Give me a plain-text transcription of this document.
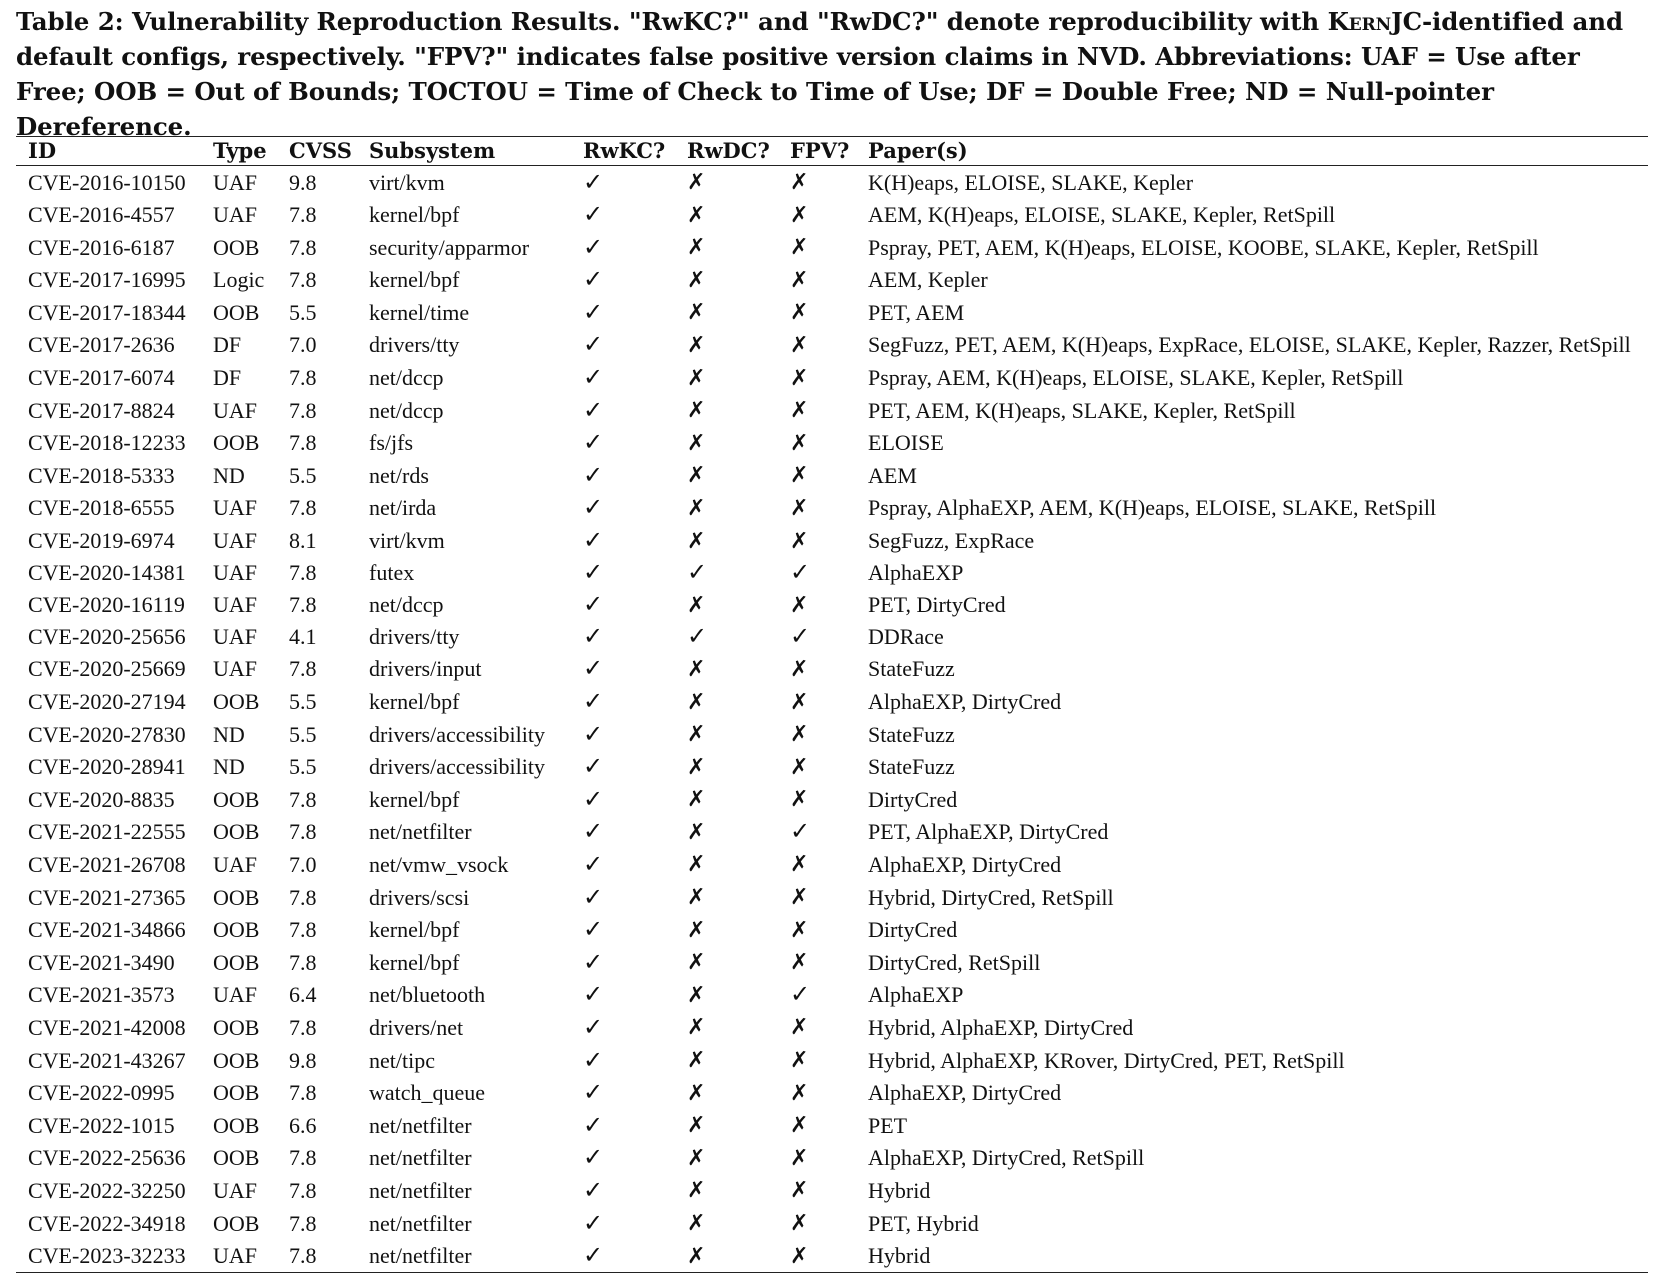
Table 2: Vulnerability Reproduction Results. "RwKC?" and "RwDC?" denote reproducibility with KernJC-identified and default configs, respectively. "FPV?" indicates false positive version claims in NVD. Abbreviations: UAF = Use after Free; OOB = Out of Bounds; TOCTOU = Time of Check to Time of Use; DF = Double Free; ND = Null-pointer Dereference.
ID	Type	CVSS	Subsystem	RwKC?	RwDC?	FPV?	Paper(s)
CVE-2016-10150	UAF	9.8	virt/kvm	✓	✗	✗	K(H)eaps, ELOISE, SLAKE, Kepler
CVE-2016-4557	UAF	7.8	kernel/bpf	✓	✗	✗	AEM, K(H)eaps, ELOISE, SLAKE, Kepler, RetSpill
CVE-2016-6187	OOB	7.8	security/apparmor	✓	✗	✗	Pspray, PET, AEM, K(H)eaps, ELOISE, KOOBE, SLAKE, Kepler, RetSpill
CVE-2017-16995	Logic	7.8	kernel/bpf	✓	✗	✗	AEM, Kepler
CVE-2017-18344	OOB	5.5	kernel/time	✓	✗	✗	PET, AEM
CVE-2017-2636	DF	7.0	drivers/tty	✓	✗	✗	SegFuzz, PET, AEM, K(H)eaps, ExpRace, ELOISE, SLAKE, Kepler, Razzer, RetSpill
CVE-2017-6074	DF	7.8	net/dccp	✓	✗	✗	Pspray, AEM, K(H)eaps, ELOISE, SLAKE, Kepler, RetSpill
CVE-2017-8824	UAF	7.8	net/dccp	✓	✗	✗	PET, AEM, K(H)eaps, SLAKE, Kepler, RetSpill
CVE-2018-12233	OOB	7.8	fs/jfs	✓	✗	✗	ELOISE
CVE-2018-5333	ND	5.5	net/rds	✓	✗	✗	AEM
CVE-2018-6555	UAF	7.8	net/irda	✓	✗	✗	Pspray, AlphaEXP, AEM, K(H)eaps, ELOISE, SLAKE, RetSpill
CVE-2019-6974	UAF	8.1	virt/kvm	✓	✗	✗	SegFuzz, ExpRace
CVE-2020-14381	UAF	7.8	futex	✓	✓	✓	AlphaEXP
CVE-2020-16119	UAF	7.8	net/dccp	✓	✗	✗	PET, DirtyCred
CVE-2020-25656	UAF	4.1	drivers/tty	✓	✓	✓	DDRace
CVE-2020-25669	UAF	7.8	drivers/input	✓	✗	✗	StateFuzz
CVE-2020-27194	OOB	5.5	kernel/bpf	✓	✗	✗	AlphaEXP, DirtyCred
CVE-2020-27830	ND	5.5	drivers/accessibility	✓	✗	✗	StateFuzz
CVE-2020-28941	ND	5.5	drivers/accessibility	✓	✗	✗	StateFuzz
CVE-2020-8835	OOB	7.8	kernel/bpf	✓	✗	✗	DirtyCred
CVE-2021-22555	OOB	7.8	net/netfilter	✓	✗	✓	PET, AlphaEXP, DirtyCred
CVE-2021-26708	UAF	7.0	net/vmw_vsock	✓	✗	✗	AlphaEXP, DirtyCred
CVE-2021-27365	OOB	7.8	drivers/scsi	✓	✗	✗	Hybrid, DirtyCred, RetSpill
CVE-2021-34866	OOB	7.8	kernel/bpf	✓	✗	✗	DirtyCred
CVE-2021-3490	OOB	7.8	kernel/bpf	✓	✗	✗	DirtyCred, RetSpill
CVE-2021-3573	UAF	6.4	net/bluetooth	✓	✗	✓	AlphaEXP
CVE-2021-42008	OOB	7.8	drivers/net	✓	✗	✗	Hybrid, AlphaEXP, DirtyCred
CVE-2021-43267	OOB	9.8	net/tipc	✓	✗	✗	Hybrid, AlphaEXP, KRover, DirtyCred, PET, RetSpill
CVE-2022-0995	OOB	7.8	watch_queue	✓	✗	✗	AlphaEXP, DirtyCred
CVE-2022-1015	OOB	6.6	net/netfilter	✓	✗	✗	PET
CVE-2022-25636	OOB	7.8	net/netfilter	✓	✗	✗	AlphaEXP, DirtyCred, RetSpill
CVE-2022-32250	UAF	7.8	net/netfilter	✓	✗	✗	Hybrid
CVE-2022-34918	OOB	7.8	net/netfilter	✓	✗	✗	PET, Hybrid
CVE-2023-32233	UAF	7.8	net/netfilter	✓	✗	✗	Hybrid
